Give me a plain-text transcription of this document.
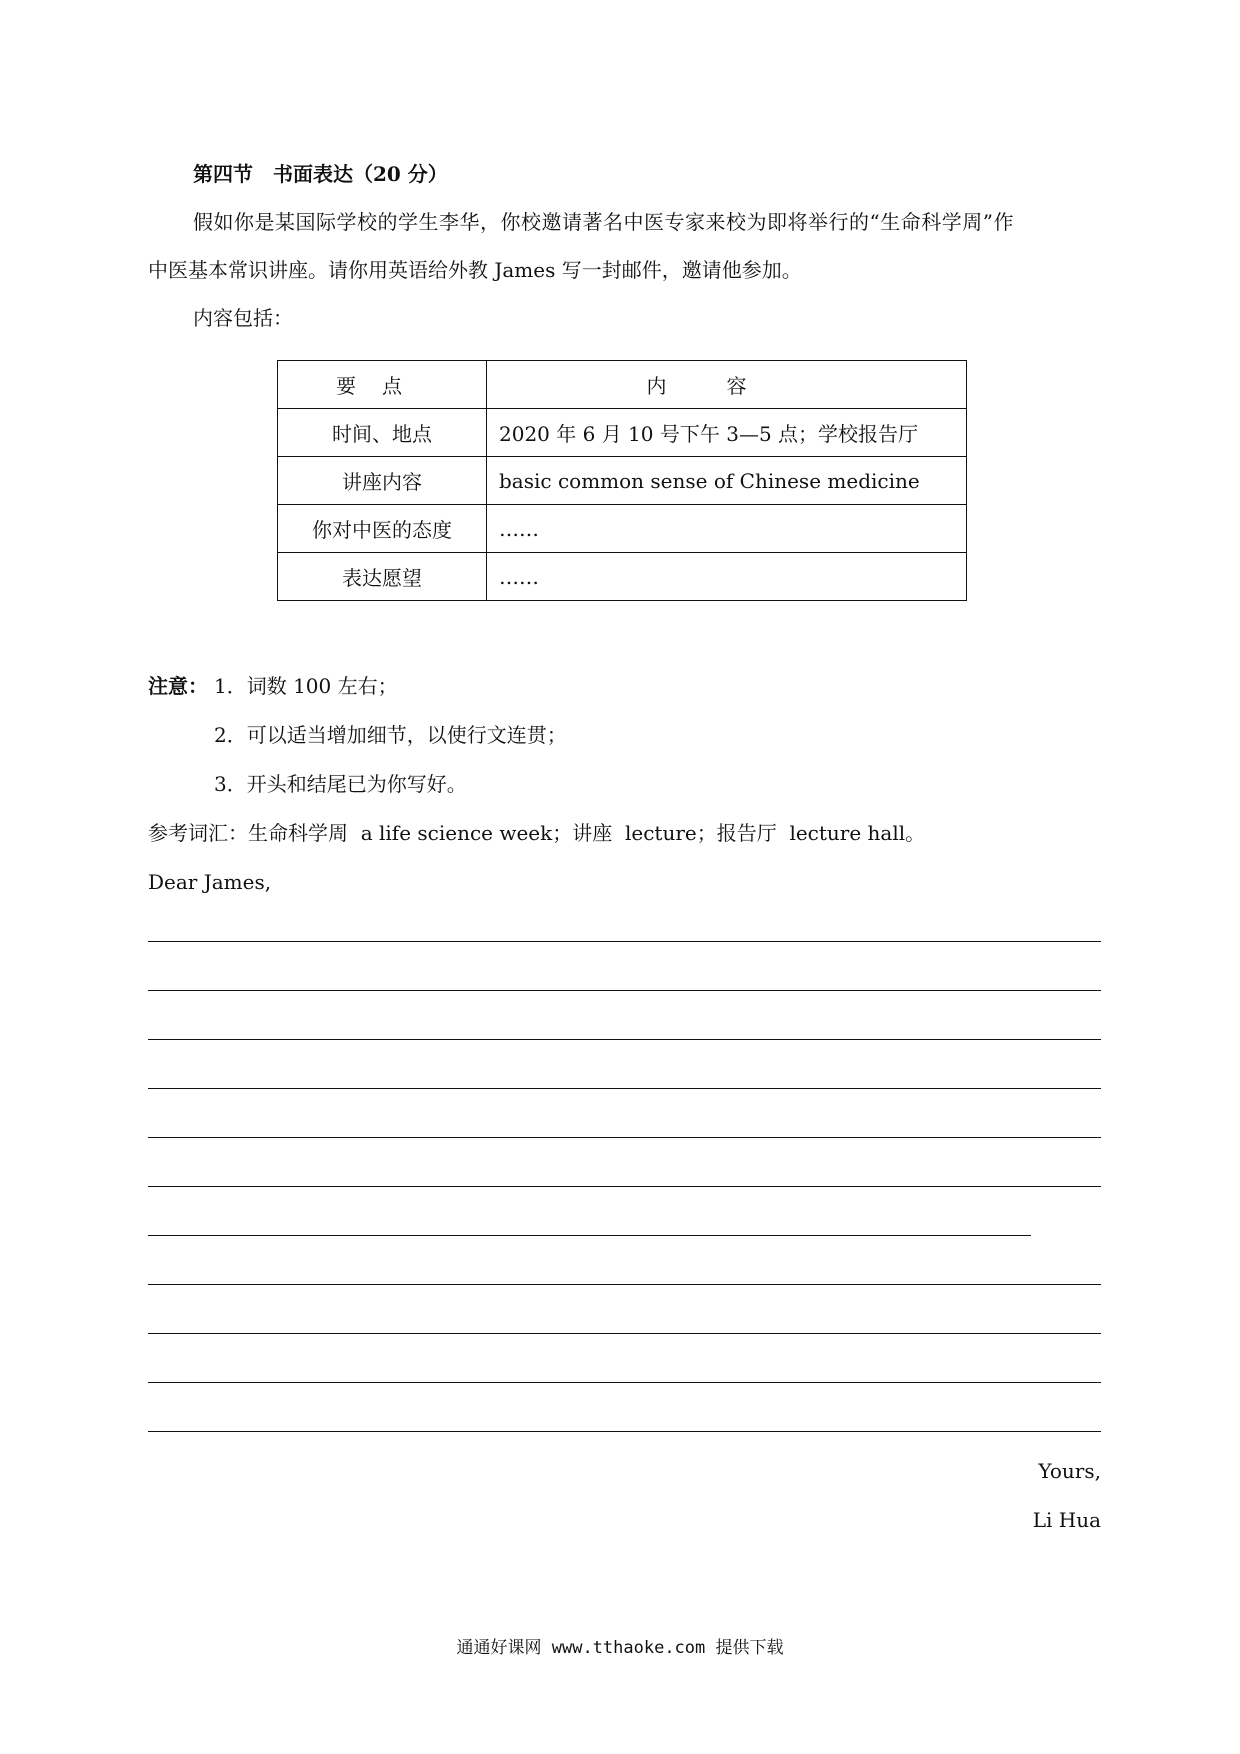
第四节　书面表达（20 分）
假如你是某国际学校的学生李华，你校邀请著名中医专家来校为即将举行的“生命科学周”作
中医基本常识讲座。请你用英语给外教 James 写一封邮件，邀请他参加。
内容包括：
要点	内容
时间、地点	2020 年 6 月 10 号下午 3—5 点；学校报告厅
讲座内容	basic common sense of Chinese medicine
你对中医的态度	……
表达愿望	……
注意： 1．词数 100 左右；
2．可以适当增加细节，以使行文连贯；
3．开头和结尾已为你写好。
参考词汇：生命科学周  a life science week；讲座  lecture；报告厅  lecture hall。
Dear James,
Yours,
Li Hua
通通好课网 www.tthaoke.com 提供下载
